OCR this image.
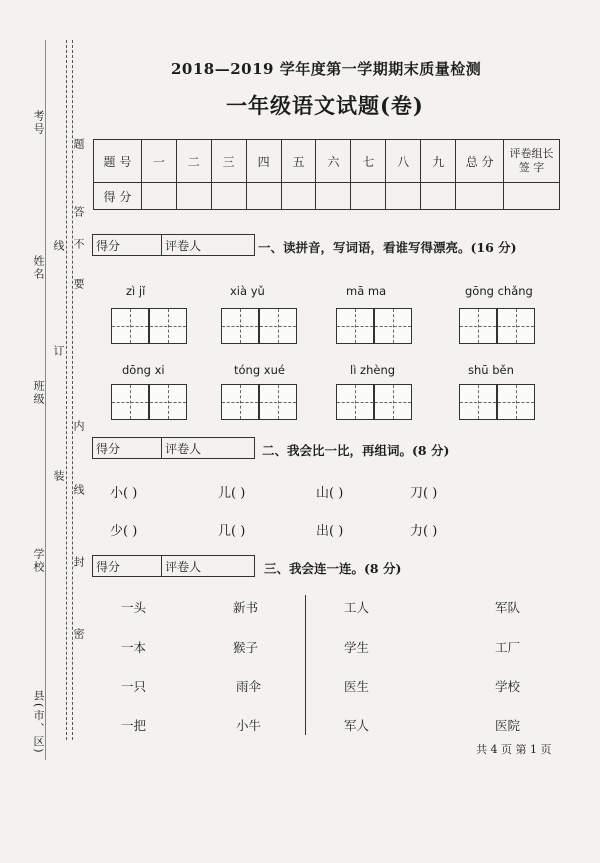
考号
姓名
班级
学校
县(市、区)
题
答
要
不
内
线
封
密
线
订
装
2018—2019 学年度第一学期期末质量检测
一年级语文试题(卷)
题 号	一	二	三	四	五	六	七	八	九	总 分	评卷组长
签 字
得 分											
得分	评卷人	一、读拼音，写词语，看谁写得漂亮。(16 分)
zì jǐ	xià yǔ	mā ma	gōng chǎng
dōng xi	tóng xué	lì zhèng	shū běn
得分	评卷人	二、我会比一比，再组词。(8 分)
小( )	儿( )	山( )	刀( )
少( )	几( )	出( )	力( )
得分	评卷人	三、我会连一连。(8 分)
一头
一本
一只
一把
新书
猴子
雨伞
小牛
工人
学生
医生
军人
军队
工厂
学校
医院
共 4 页 第 1 页
